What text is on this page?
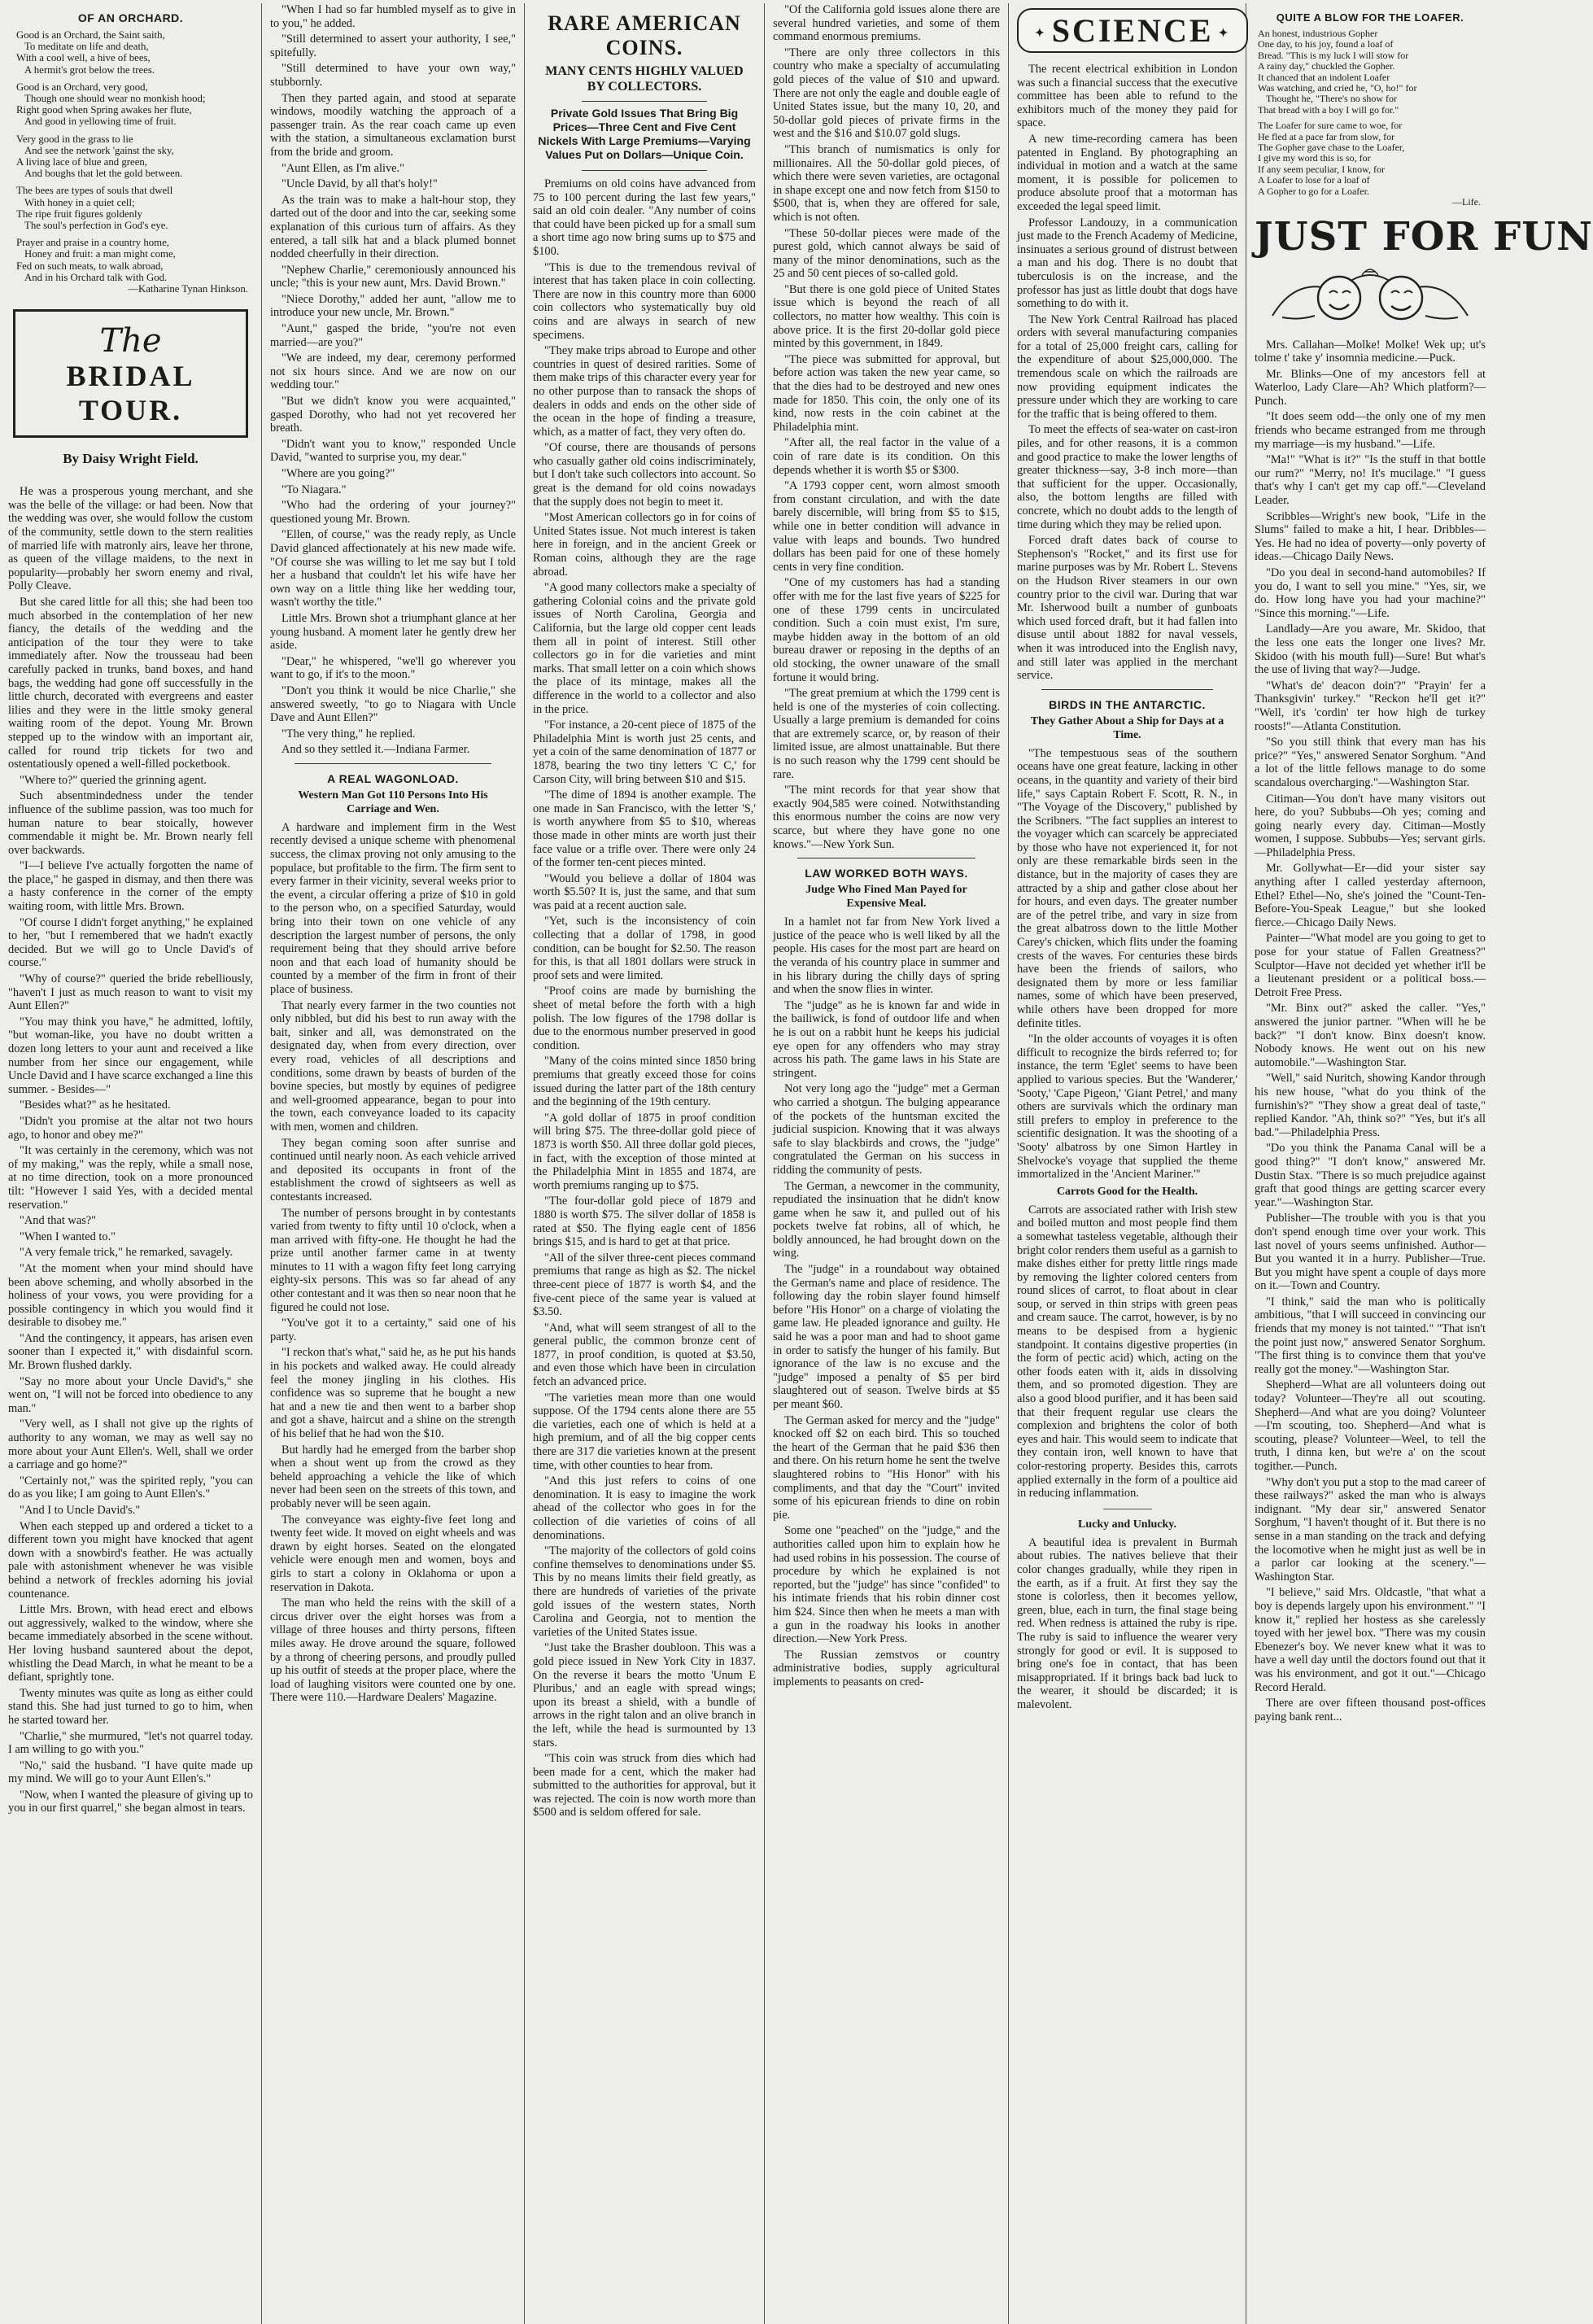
OF AN ORCHARD.
Good is an Orchard, the Saint saith,
To meditate on life and death,
With a cool well, a hive of bees,
A hermit's grot below the trees.
Good is an Orchard, very good,
Though one should wear no monkish hood;
Right good when Spring awakes her flute,
And good in yellowing time of fruit.
Very good in the grass to lie
And see the network 'gainst the sky,
A living lace of blue and green,
And boughs that let the gold between.
The bees are types of souls that dwell
With honey in a quiet cell;
The ripe fruit figures goldenly
The soul's perfection in God's eye.
Prayer and praise in a country home,
Honey and fruit: a man might come,
Fed on such meats, to walk abroad,
And in his Orchard talk with God.
—Katharine Tynan Hinkson.
The
BRIDAL TOUR.
By Daisy Wright Field.

He was a prosperous young merchant, and she was the belle of the village: or had been. Now that the wedding was over, she would follow the custom of the community, settle down to the stern realities of married life with matronly airs, leave her throne, as queen of the village maidens, to the next in popularity—probably her sworn enemy and rival, Polly Cleave.

But she cared little for all this; she had been too much absorbed in the contemplation of her new fiancy, the details of the wedding and the anticipation of the tour they were to take immediately after. Now the trousseau had been carefully packed in trunks, band boxes, and hand bags, the wedding had gone off successfully in the little church, decorated with evergreens and easter lilies and they were in the little smoky general waiting room of the depot. Young Mr. Brown stepped up to the window with an important air, called for round trip tickets for two and ostentatiously opened a well-filled pocketbook.

"Where to?" queried the grinning agent.

Such absentmindedness under the tender influence of the sublime passion, was too much for human nature to bear stoically, however commendable it might be. Mr. Brown nearly fell over backwards.

"I—I believe I've actually forgotten the name of the place," he gasped in dismay, and then there was a hasty conference in the corner of the empty waiting room, with little Mrs. Brown.

"Of course I didn't forget anything," he explained to her, "but I remembered that we hadn't exactly decided. But we will go to Uncle David's of course."

"Why of course?" queried the bride rebelliously, "haven't I just as much reason to want to visit my Aunt Ellen?"

"You may think you have," he admitted, loftily, "but woman-like, you have no doubt written a dozen long letters to your aunt and received a like number from her since our engagement, while Uncle David and I have scarce exchanged a line this summer. - Besides—"

"Besides what?" as he hesitated.

"Didn't you promise at the altar not two hours ago, to honor and obey me?"

"It was certainly in the ceremony, which was not of my making," was the reply, while a small nose, at no time direction, took on a more pronounced tilt: "However I said Yes, with a decided mental reservation."

"And that was?"

"When I wanted to."

"A very female trick," he remarked, savagely.

"At the moment when your mind should have been above scheming, and wholly absorbed in the holiness of your vows, you were providing for a possible contingency in which you would find it desirable to disobey me."

"And the contingency, it appears, has arisen even sooner than I expected it," with disdainful scorn. Mr. Brown flushed darkly.

"Say no more about your Uncle David's," she went on, "I will not be forced into obedience to any man."

"Very well, as I shall not give up the rights of authority to any woman, we may as well say no more about your Aunt Ellen's. Well, shall we order a carriage and go home?"

"Certainly not," was the spirited reply, "you can do as you like; I am going to Aunt Ellen's."

"And I to Uncle David's."

When each stepped up and ordered a ticket to a different town you might have knocked that agent down with a snowbird's feather. He was actually pale with astonishment whenever he was visible behind a network of freckles adorning his jovial countenance.

Little Mrs. Brown, with head erect and elbows out aggressively, walked to the window, where she became immediately absorbed in the scene without. Her loving husband sauntered about the depot, whistling the Dead March, in what he meant to be a defiant, sprightly tone.

Twenty minutes was quite as long as either could stand this. She had just turned to go to him, when he started toward her.

"Charlie," she murmured, "let's not quarrel today. I am willing to go with you."

"No," said the husband. "I have quite made up my mind. We will go to your Aunt Ellen's."

"Now, when I wanted the pleasure of giving up to you in our first quarrel," she began almost in tears.

"When I had so far humbled myself as to give in to you," he added.

"Still determined to assert your authority, I see," spitefully.

"Still determined to have your own way," stubbornly.

Then they parted again, and stood at separate windows, moodily watching the approach of a passenger train. As the rear coach came up even with the station, a simultaneous exclamation burst from the bride and groom.

"Aunt Ellen, as I'm alive."

"Uncle David, by all that's holy!"

As the train was to make a halt-hour stop, they darted out of the door and into the car, seeking some explanation of this curious turn of affairs. As they entered, a tall silk hat and a black plumed bonnet nodded cheerfully in their direction.

"Nephew Charlie," ceremoniously announced his uncle; "this is your new aunt, Mrs. David Brown."

"Niece Dorothy," added her aunt, "allow me to introduce your new uncle, Mr. Brown."

"Aunt," gasped the bride, "you're not even married—are you?"

"We are indeed, my dear, ceremony performed not six hours since. And we are now on our wedding tour."

"But we didn't know you were acquainted," gasped Dorothy, who had not yet recovered her breath.

"Didn't want you to know," responded Uncle David, "wanted to surprise you, my dear."

"Where are you going?"

"To Niagara."

"Who had the ordering of your journey?" questioned young Mr. Brown.

"Ellen, of course," was the ready reply, as Uncle David glanced affectionately at his new made wife. "Of course she was willing to let me say but I told her a husband that couldn't let his wife have her own way on a little thing like her wedding tour, wasn't worthy the title."

Little Mrs. Brown shot a triumphant glance at her young husband. A moment later he gently drew her aside.

"Dear," he whispered, "we'll go wherever you want to go, if it's to the moon."

"Don't you think it would be nice Charlie," she answered sweetly, "to go to Niagara with Uncle Dave and Aunt Ellen?"

"The very thing," he replied.

And so they settled it.—Indiana Farmer.

A REAL WAGONLOAD.
Western Man Got 110 Persons Into His Carriage and Wen.

A hardware and implement firm in the West recently devised a unique scheme with phenomenal success, the climax proving not only amusing to the populace, but profitable to the firm. The firm sent to every farmer in their vicinity, several weeks prior to the event, a circular offering a prize of $10 in gold to the person who, on a specified Saturday, would bring into their town on one vehicle of any description the largest number of persons, the only requirement being that they should arrive before noon and that each load of humanity should be counted by a member of the firm in front of their place of business.

That nearly every farmer in the two counties not only nibbled, but did his best to run away with the bait, sinker and all, was demonstrated on the designated day, when from every direction, over every road, vehicles of all descriptions and conditions, some drawn by beasts of burden of the bovine species, but mostly by equines of pedigree and well-groomed appearance, began to pour into the town, each conveyance loaded to its capacity with men, women and children.

They began coming soon after sunrise and continued until nearly noon. As each vehicle arrived and deposited its occupants in front of the establishment the crowd of sightseers as well as contestants increased.

The number of persons brought in by contestants varied from twenty to fifty until 10 o'clock, when a man arrived with fifty-one. He thought he had the prize until another farmer came in at twenty minutes to 11 with a wagon fifty feet long carrying eighty-six persons. This was so far ahead of any other contestant and it was then so near noon that he figured he could not lose.

"You've got it to a certainty," said one of his party.

"I reckon that's what," said he, as he put his hands in his pockets and walked away. He could already feel the money jingling in his clothes. His confidence was so supreme that he bought a new hat and a new tie and then went to a barber shop and got a shave, haircut and a shine on the strength of his belief that he had won the $10.

But hardly had he emerged from the barber shop when a shout went up from the crowd as they beheld approaching a vehicle the like of which never had been seen on the streets of this town, and probably never will be seen again.

The conveyance was eighty-five feet long and twenty feet wide. It moved on eight wheels and was drawn by eight horses. Seated on the elongated vehicle were enough men and women, boys and girls to start a colony in Oklahoma or upon a reservation in Dakota.

The man who held the reins with the skill of a circus driver over the eight horses was from a village of three houses and thirty persons, fifteen miles away. He drove around the square, followed by a throng of cheering persons, and proudly pulled up his outfit of steeds at the proper place, where the load of laughing visitors were counted one by one. There were 110.—Hardware Dealers' Magazine.

RARE AMERICAN COINS.
MANY CENTS HIGHLY VALUED BY COLLECTORS.
Private Gold Issues That Bring Big Prices—Three Cent and Five Cent Nickels With Large Premiums—Varying Values Put on Dollars—Unique Coin.

Premiums on old coins have advanced from 75 to 100 percent during the last few years," said an old coin dealer. "Any number of coins that could have been picked up for a small sum a short time ago now bring sums up to $75 and $100.

"This is due to the tremendous revival of interest that has taken place in coin collecting. There are now in this country more than 6000 coin collectors who systematically buy old coins and are always in search of new specimens.

"They make trips abroad to Europe and other countries in quest of desired rarities. Some of them make trips of this character every year for no other purpose than to ransack the shops of dealers in odds and ends on the other side of the ocean in the hope of finding a treasure, which, as a matter of fact, they very often do.

"Of course, there are thousands of persons who casually gather old coins indiscriminately, but I don't take such collectors into account. So great is the demand for old coins nowadays that the supply does not begin to meet it.

"Most American collectors go in for coins of United States issue. Not much interest is taken here in foreign, and in the ancient Greek or Roman coins, although they are the rage abroad.

"A good many collectors make a specialty of gathering Colonial coins and the private gold issues of North Carolina, Georgia and California, but the large old copper cent leads them all in point of interest. Still other collectors go in for die varieties and mint marks. That small letter on a coin which shows the place of its mintage, makes all the difference in the world to a collector and also in the price.

"For instance, a 20-cent piece of 1875 of the Philadelphia Mint is worth just 25 cents, and yet a coin of the same denomination of 1877 or 1878, bearing the two tiny letters 'C C,' for Carson City, will bring between $10 and $15.

"The dime of 1894 is another example. The one made in San Francisco, with the letter 'S,' is worth anywhere from $5 to $10, whereas those made in other mints are worth just their face value or a trifle over. There were only 24 of the former ten-cent pieces minted.

"Would you believe a dollar of 1804 was worth $5.50? It is, just the same, and that sum was paid at a recent auction sale.

"Yet, such is the inconsistency of coin collecting that a dollar of 1798, in good condition, can be bought for $2.50. The reason for this, is that all 1801 dollars were struck in proof sets and were limited.

"Proof coins are made by burnishing the sheet of metal before the forth with a high polish. The low figures of the 1798 dollar is due to the enormous number preserved in good condition.

"Many of the coins minted since 1850 bring premiums that greatly exceed those for coins issued during the latter part of the 18th century and the beginning of the 19th century.

"A gold dollar of 1875 in proof condition will bring $75. The three-dollar gold piece of 1873 is worth $50. All three dollar gold pieces, in fact, with the exception of those minted at the Philadelphia Mint in 1855 and 1874, are worth premiums ranging up to $75.

"The four-dollar gold piece of 1879 and 1880 is worth $75. The silver dollar of 1858 is rated at $50. The flying eagle cent of 1856 brings $15, and is hard to get at that price.

"All of the silver three-cent pieces command premiums that range as high as $2. The nickel three-cent piece of 1877 is worth $4, and the five-cent piece of the same year is valued at $3.50.

"And, what will seem strangest of all to the general public, the common bronze cent of 1877, in proof condition, is quoted at $3.50, and even those which have been in circulation fetch an advanced price.

"The varieties mean more than one would suppose. Of the 1794 cents alone there are 55 die varieties, each one of which is held at a high premium, and of all the big copper cents there are 317 die varieties known at the present time, with other counties to hear from.

"And this just refers to coins of one denomination. It is easy to imagine the work ahead of the collector who goes in for the collection of die varieties of coins of all denominations.

"The majority of the collectors of gold coins confine themselves to denominations under $5. This by no means limits their field greatly, as there are hundreds of varieties of the private gold issues of the western states, North Carolina and Georgia, not to mention the varieties of the United States issue.

"Just take the Brasher doubloon. This was a gold piece issued in New York City in 1837. On the reverse it bears the motto 'Unum E Pluribus,' and an eagle with spread wings; upon its breast a shield, with a bundle of arrows in the right talon and an olive branch in the left, while the head is surmounted by 13 stars.

"This coin was struck from dies which had been made for a cent, which the maker had submitted to the authorities for approval, but it was rejected. The coin is now worth more than $500 and is seldom offered for sale.

"Of the California gold issues alone there are several hundred varieties, and some of them command enormous premiums.

"There are only three collectors in this country who make a specialty of accumulating gold pieces of the value of $10 and upward. There are not only the eagle and double eagle of United States issue, but the many 10, 20, and 50-dollar gold pieces of private firms in the west and the $16 and $10.07 gold slugs.

"This branch of numismatics is only for millionaires. All the 50-dollar gold pieces, of which there were seven varieties, are octagonal in shape except one and now fetch from $150 to $500, that is, when they are offered for sale, which is not often.

"These 50-dollar pieces were made of the purest gold, which cannot always be said of many of the minor denominations, such as the 25 and 50 cent pieces of so-called gold.

"But there is one gold piece of United States issue which is beyond the reach of all collectors, no matter how wealthy. This coin is above price. It is the first 20-dollar gold piece minted by this government, in 1849.

"The piece was submitted for approval, but before action was taken the new year came, so that the dies had to be destroyed and new ones made for 1850. This coin, the only one of its kind, now rests in the coin cabinet at the Philadelphia mint.

"After all, the real factor in the value of a coin of rare date is its condition. On this depends whether it is worth $5 or $300.

"A 1793 copper cent, worn almost smooth from constant circulation, and with the date barely discernible, will bring from $5 to $15, while one in better condition will advance in value with leaps and bounds. Two hundred dollars has been paid for one of these homely cents in very fine condition.

"One of my customers has had a standing offer with me for the last five years of $225 for one of these 1799 cents in uncirculated condition. Such a coin must exist, I'm sure, maybe hidden away in the bottom of an old bureau drawer or reposing in the depths of an old stocking, the owner unaware of the small fortune it would bring.

"The great premium at which the 1799 cent is held is one of the mysteries of coin collecting. Usually a large premium is demanded for coins that are extremely scarce, or, by reason of their limited issue, are almost unattainable. But there is no such reason why the 1799 cent should be rare.

"The mint records for that year show that exactly 904,585 were coined. Notwithstanding this enormous number the coins are now very scarce, but where they have gone no one knows."—New York Sun.

LAW WORKED BOTH WAYS.
Judge Who Fined Man Payed for Expensive Meal.

In a hamlet not far from New York lived a justice of the peace who is well liked by all the people. His cases for the most part are heard on the veranda of his country place in summer and in his library during the chilly days of spring and when the snow flies in winter.

The "judge" as he is known far and wide in the bailiwick, is fond of outdoor life and when he is out on a rabbit hunt he keeps his judicial eye open for any offenders who may stray across his path. The game laws in his State are stringent.

Not very long ago the "judge" met a German who carried a shotgun. The bulging appearance of the pockets of the huntsman excited the judicial suspicion. Knowing that it was always safe to slay blackbirds and crows, the "judge" congratulated the German on his success in ridding the community of pests.

The German, a newcomer in the community, repudiated the insinuation that he didn't know game when he saw it, and pulled out of his pockets twelve fat robins, all of which, he boldly announced, he had brought down on the wing.

The "judge" in a roundabout way obtained the German's name and place of residence. The following day the robin slayer found himself before "His Honor" on a charge of violating the game law. He pleaded ignorance and guilty. He said he was a poor man and had to shoot game in order to satisfy the hunger of his family. But ignorance of the law is no excuse and the "judge" imposed a penalty of $5 per bird slaughtered out of season. Twelve birds at $5 per meant $60.

The German asked for mercy and the "judge" knocked off $2 on each bird. This so touched the heart of the German that he paid $36 then and there. On his return home he sent the twelve slaughtered robins to "His Honor" with his compliments, and that day the "Court" invited some of his epicurean friends to dine on robin pie.

Some one "peached" on the "judge," and the authorities called upon him to explain how he had used robins in his possession. The course of procedure by which he explained is not reported, but the "judge" has since "confided" to his intimate friends that his robin dinner cost him $24. Since then when he meets a man with a gun in the roadway his looks in another direction.—New York Press.

The Russian zemstvos or country administrative bodies, supply agricultural implements to peasants on cred-

✦ SCIENCE ✦

The recent electrical exhibition in London was such a financial success that the executive committee has been able to refund to the exhibitors much of the money they paid for space.

A new time-recording camera has been patented in England. By photographing an individual in motion and a watch at the same moment, it is possible for policemen to produce absolute proof that a motorman has exceeded the legal speed limit.

Professor Landouzy, in a communication just made to the French Academy of Medicine, insinuates a serious ground of distrust between a man and his dog. There is no doubt that tuberculosis is on the increase, and the professor has just as little doubt that dogs have something to do with it.

The New York Central Railroad has placed orders with several manufacturing companies for a total of 25,000 freight cars, calling for the expenditure of about $25,000,000. The tremendous scale on which the railroads are now providing equipment indicates the pressure under which they are working to care for the traffic that is being offered to them.

To meet the effects of sea-water on cast-iron piles, and for other reasons, it is a common and good practice to make the lower lengths of greater thickness—say, 3-8 inch more—than that sufficient for the upper. Occasionally, also, the bottom lengths are filled with concrete, which no doubt adds to the length of time during which they may be relied upon.

Forced draft dates back of course to Stephenson's "Rocket," and its first use for marine purposes was by Mr. Robert L. Stevens on the Hudson River steamers in our own country prior to the civil war. During that war Mr. Isherwood built a number of gunboats which used forced draft, but it had fallen into disuse until about 1882 for naval vessels, when it was introduced into the English navy, and still later was applied in the merchant service.

BIRDS IN THE ANTARCTIC.
They Gather About a Ship for Days at a Time.

"The tempestuous seas of the southern oceans have one great feature, lacking in other oceans, in the quantity and variety of their bird life," says Captain Robert F. Scott, R. N., in "The Voyage of the Discovery," published by the Scribners. "The fact supplies an interest to the voyager which can scarcely be appreciated by those who have not experienced it, for not only are these remarkable birds seen in the distance, but in the majority of cases they are attracted by a ship and gather close about her for hours, and even days. The greater number are of the petrel tribe, and vary in size from the great albatross down to the little Mother Carey's chicken, which flits under the foaming crests of the waves. For centuries these birds have been the friends of sailors, who designated them by more or less familiar names, some of which have been preserved, while others have been dropped for more definite titles.

"In the older accounts of voyages it is often difficult to recognize the birds referred to; for instance, the term 'Eglet' seems to have been applied to various species. But the 'Wanderer,' 'Sooty,' 'Cape Pigeon,' 'Giant Petrel,' and many others are survivals which the ordinary man still prefers to employ in preference to the scientific designation. It was the shooting of a 'Sooty' albatross by one Simon Hartley in Shelvocke's voyage that supplied the theme immortalized in the 'Ancient Mariner.'"

Carrots Good for the Health.

Carrots are associated rather with Irish stew and boiled mutton and most people find them a somewhat tasteless vegetable, although their bright color renders them useful as a garnish to make dishes either for pretty little rings made by removing the lighter colored centers from round slices of carrot, to float about in clear soup, or served in thin strips with green peas and cream sauce. The carrot, however, is by no means to be despised from a hygienic standpoint. It contains digestive properties (in the form of pectic acid) which, acting on the other foods eaten with it, aids in dissolving them, and so promoted digestion. They are also a good blood purifier, and it has been said that their frequent regular use clears the complexion and brightens the color of both eyes and hair. This would seem to indicate that they contain iron, well known to have that color-restoring property. Besides this, carrots applied externally in the form of a poultice aid in reducing inflammation.

Lucky and Unlucky.

A beautiful idea is prevalent in Burmah about rubies. The natives believe that their color changes gradually, while they ripen in the earth, as if a fruit. At first they say the stone is colorless, then it becomes yellow, green, blue, each in turn, the final stage being red. When redness is attained the ruby is ripe. The ruby is said to influence the wearer very strongly for good or evil. It is supposed to bring one's foe in contact, that has been misappropriated. If it brings back bad luck to the wearer, it should be discarded; it is malevolent.

QUITE A BLOW FOR THE LOAFER.
An honest, industrious Gopher
One day, to his joy, found a loaf of
Bread. "This is my luck I will stow for
A rainy day," chuckled the Gopher.
It chanced that an indolent Loafer
Was watching, and cried he, "O, ho!" for
Thought he, "There's no show for
That bread with a boy I will go for."
The Loafer for sure came to woe, for
He fled at a pace far from slow, for
The Gopher gave chase to the Loafer,
I give my word this is so, for
If any seem peculiar, I know, for
A Loafer to lose for a loaf of
A Gopher to go for a Loafer.
—Life.
JUST FOR FUN

Mrs. Callahan—Molke! Molke! Wek up; ut's tolme t' take y' insomnia medicine.—Puck.

Mr. Blinks—One of my ancestors fell at Waterloo, Lady Clare—Ah? Which platform?—Punch.

"It does seem odd—the only one of my men friends who became estranged from me through my marriage—is my husband."—Life.

"Ma!" "What is it?" "Is the stuff in that bottle our rum?" "Merry, no! It's mucilage." "I guess that's why I can't get my cap off."—Cleveland Leader.

Scribbles—Wright's new book, "Life in the Slums" failed to make a hit, I hear. Dribbles—Yes. He had no idea of poverty—only poverty of ideas.—Chicago Daily News.

"Do you deal in second-hand automobiles? If you do, I want to sell you mine." "Yes, sir, we do. How long have you had your machine?" "Since this morning."—Life.

Landlady—Are you aware, Mr. Skidoo, that the less one eats the longer one lives? Mr. Skidoo (with his mouth full)—Sure! But what's the use of living that way?—Judge.

"What's de' deacon doin'?" "Prayin' fer a Thanksgivin' turkey." "Reckon he'll get it?" "Well, it's 'cordin' ter how high de turkey roosts!"—Atlanta Constitution.

"So you still think that every man has his price?" "Yes," answered Senator Sorghum. "And a lot of the little fellows manage to do some scandalous overcharging."—Washington Star.

Citiman—You don't have many visitors out here, do you? Subbubs—Oh yes; coming and going nearly every day. Citiman—Mostly women, I suppose. Subbubs—Yes; servant girls.—Philadelphia Press.

Mr. Gollywhat—Er—did your sister say anything after I called yesterday afternoon, Ethel? Ethel—No, she's joined the "Count-Ten-Before-You-Speak League," but she looked fierce.—Chicago Daily News.

Painter—"What model are you going to get to pose for your statue of Fallen Greatness?" Sculptor—Have not decided yet whether it'll be a lieutenant president or a political boss.—Detroit Free Press.

"Mr. Binx out?" asked the caller. "Yes," answered the junior partner. "When will he be back?" "I don't know. Binx doesn't know. Nobody knows. He went out on his new automobile."—Washington Star.

"Well," said Nuritch, showing Kandor through his new house, "what do you think of the furnishin's?" "They show a great deal of taste," replied Kandor. "Ah, think so?" "Yes, but it's all bad."—Philadelphia Press.

"Do you think the Panama Canal will be a good thing?" "I don't know," answered Mr. Dustin Stax. "There is so much prejudice against graft that good things are getting scarcer every year."—Washington Star.

Publisher—The trouble with you is that you don't spend enough time over your work. This last novel of yours seems unfinished. Author—But you wanted it in a hurry. Publisher—True. But you might have spent a couple of days more on it.—Town and Country.

"I think," said the man who is politically ambitious, "that I will succeed in convincing our friends that my money is not tainted." "That isn't the point just now," answered Senator Sorghum. "The first thing is to convince them that you've really got the money."—Washington Star.

Shepherd—What are all volunteers doing out today? Volunteer—They're all out scouting. Shepherd—And what are you doing? Volunteer—I'm scouting, too. Shepherd—And what is scouting, please? Volunteer—Weel, to tell the truth, I dinna ken, but we're a' on the scout togither.—Punch.

"Why don't you put a stop to the mad career of these railways?" asked the man who is always indignant. "My dear sir," answered Senator Sorghum, "I haven't thought of it. But there is no sense in a man standing on the track and defying the locomotive when he might just as well be in a parlor car looking at the scenery."—Washington Star.

"I believe," said Mrs. Oldcastle, "that what a boy is depends largely upon his environment." "I know it," replied her hostess as she carelessly toyed with her jewel box. "There was my cousin Ebenezer's boy. We never knew what it was to have a well day until the doctors found out that it was his environment, and got it out."—Chicago Record Herald.

There are over fifteen thousand post-offices paying bank rent...
